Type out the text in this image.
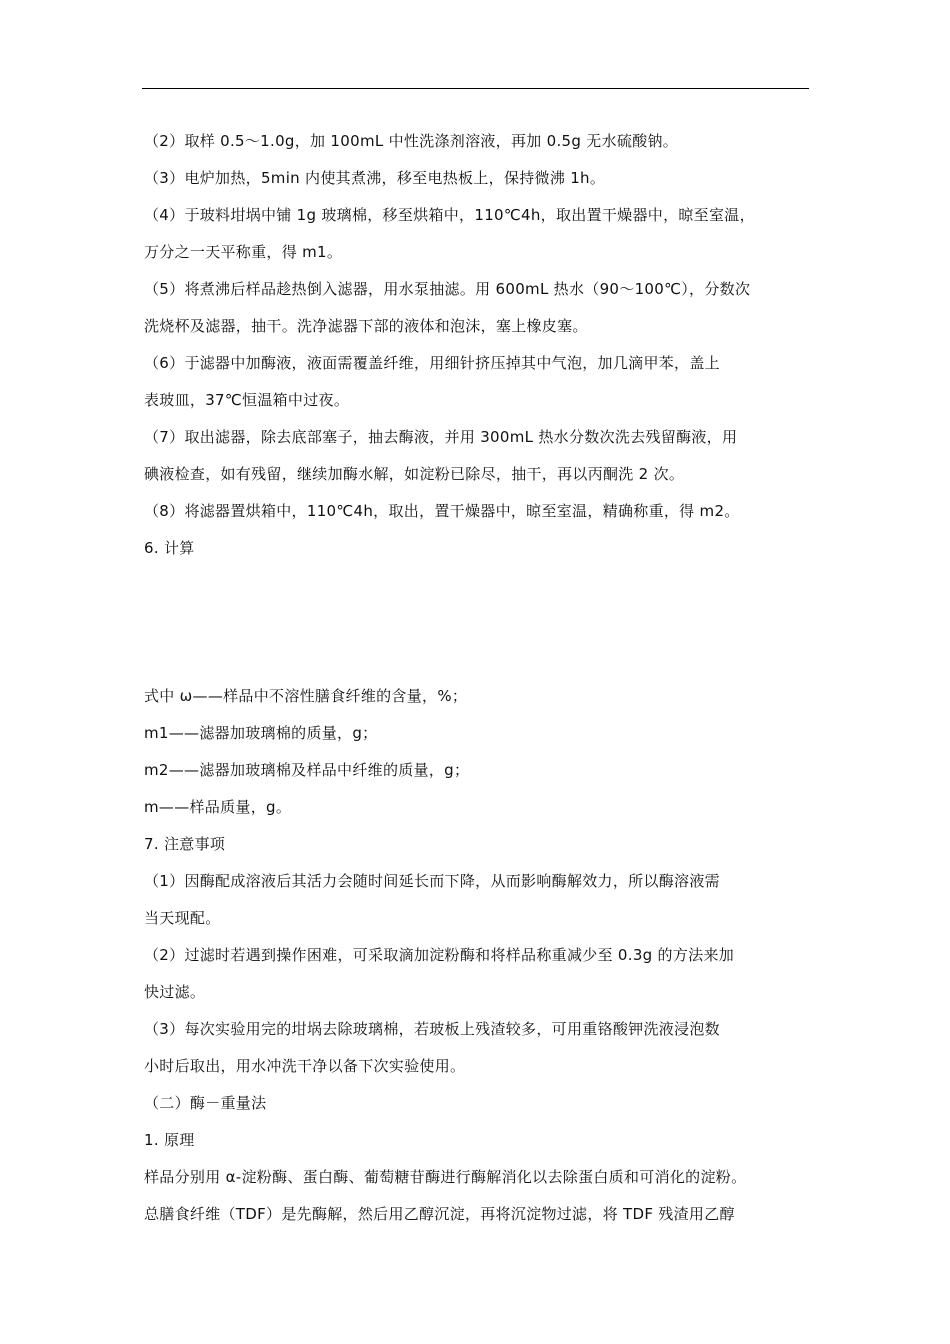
（2）取样 0.5～1.0g，加 100mL 中性洗涤剂溶液，再加 0.5g 无水硫酸钠。

（3）电炉加热，5min 内使其煮沸，移至电热板上，保持微沸 1h。

（4）于玻料坩埚中铺 1g 玻璃棉，移至烘箱中，110℃4h，取出置干燥器中，晾至室温，

万分之一天平称重，得 m1。

（5）将煮沸后样品趁热倒入滤器，用水泵抽滤。用 600mL 热水（90～100℃），分数次

洗烧杯及滤器，抽干。洗净滤器下部的液体和泡沫，塞上橡皮塞。

（6）于滤器中加酶液，液面需覆盖纤维，用细针挤压掉其中气泡，加几滴甲苯，盖上

表玻皿，37℃恒温箱中过夜。

（7）取出滤器，除去底部塞子，抽去酶液，并用 300mL 热水分数次洗去残留酶液，用

碘液检查，如有残留，继续加酶水解，如淀粉已除尽，抽干，再以丙酮洗 2 次。

（8）将滤器置烘箱中，110℃4h，取出，置干燥器中，晾至室温，精确称重，得 m2。

6. 计算

式中 ω——样品中不溶性膳食纤维的含量，%；

m1——滤器加玻璃棉的质量，g；

m2——滤器加玻璃棉及样品中纤维的质量，g；

m——样品质量，g。

7. 注意事项

（1）因酶配成溶液后其活力会随时间延长而下降，从而影响酶解效力，所以酶溶液需

当天现配。

（2）过滤时若遇到操作困难，可采取滴加淀粉酶和将样品称重减少至 0.3g 的方法来加

快过滤。

（3）每次实验用完的坩埚去除玻璃棉，若玻板上残渣较多，可用重铬酸钾洗液浸泡数

小时后取出，用水冲洗干净以备下次实验使用。

（二）酶－重量法

1. 原理

样品分别用 α-淀粉酶、蛋白酶、葡萄糖苷酶进行酶解消化以去除蛋白质和可消化的淀粉。

总膳食纤维（TDF）是先酶解，然后用乙醇沉淀，再将沉淀物过滤，将 TDF 残渣用乙醇
